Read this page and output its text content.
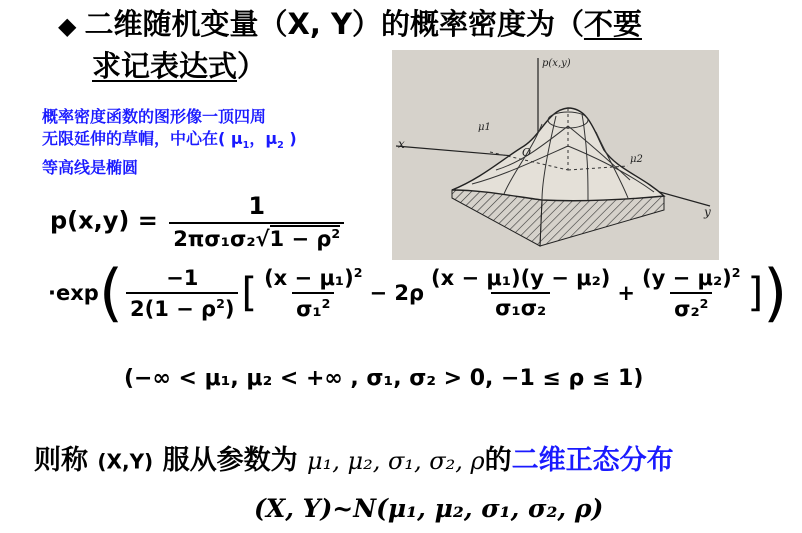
◆ 二维随机变量（X, Y）的概率密度为（不要
求记表达式）
概率密度函数的图形像一顶四周
无限延伸的草帽，中心在( $\mu_1$，$\mu_2$ )
等高线是椭圆
p(x,y)
O
x
y
μ1
μ2
$p(x,y) = \frac{1}{2\pi\sigma_1\sigma_2√1 - \rho^2}$
$\cdot\exp( \frac{-1}{2(1 - \rho^2)}$ [ $\frac{(x - \mu_1)^2}{\sigma_1^2} - 2\rho \frac{\text{(x − μ₁)(y − μ₂)}}{\text{σ₁σ₂}} + \frac{(y - \mu_2)^2}{\sigma_2^2}$ ])
(−∞ < μ₁, μ₂ < +∞ , σ₁, σ₂ > 0, −1 ≤ ρ ≤ 1)
则称 (X,Y) 服从参数为 μ₁, μ₂, σ₁, σ₂, ρ的二维正态分布
(X, Y)~N(μ₁, μ₂, σ₁, σ₂, ρ)
